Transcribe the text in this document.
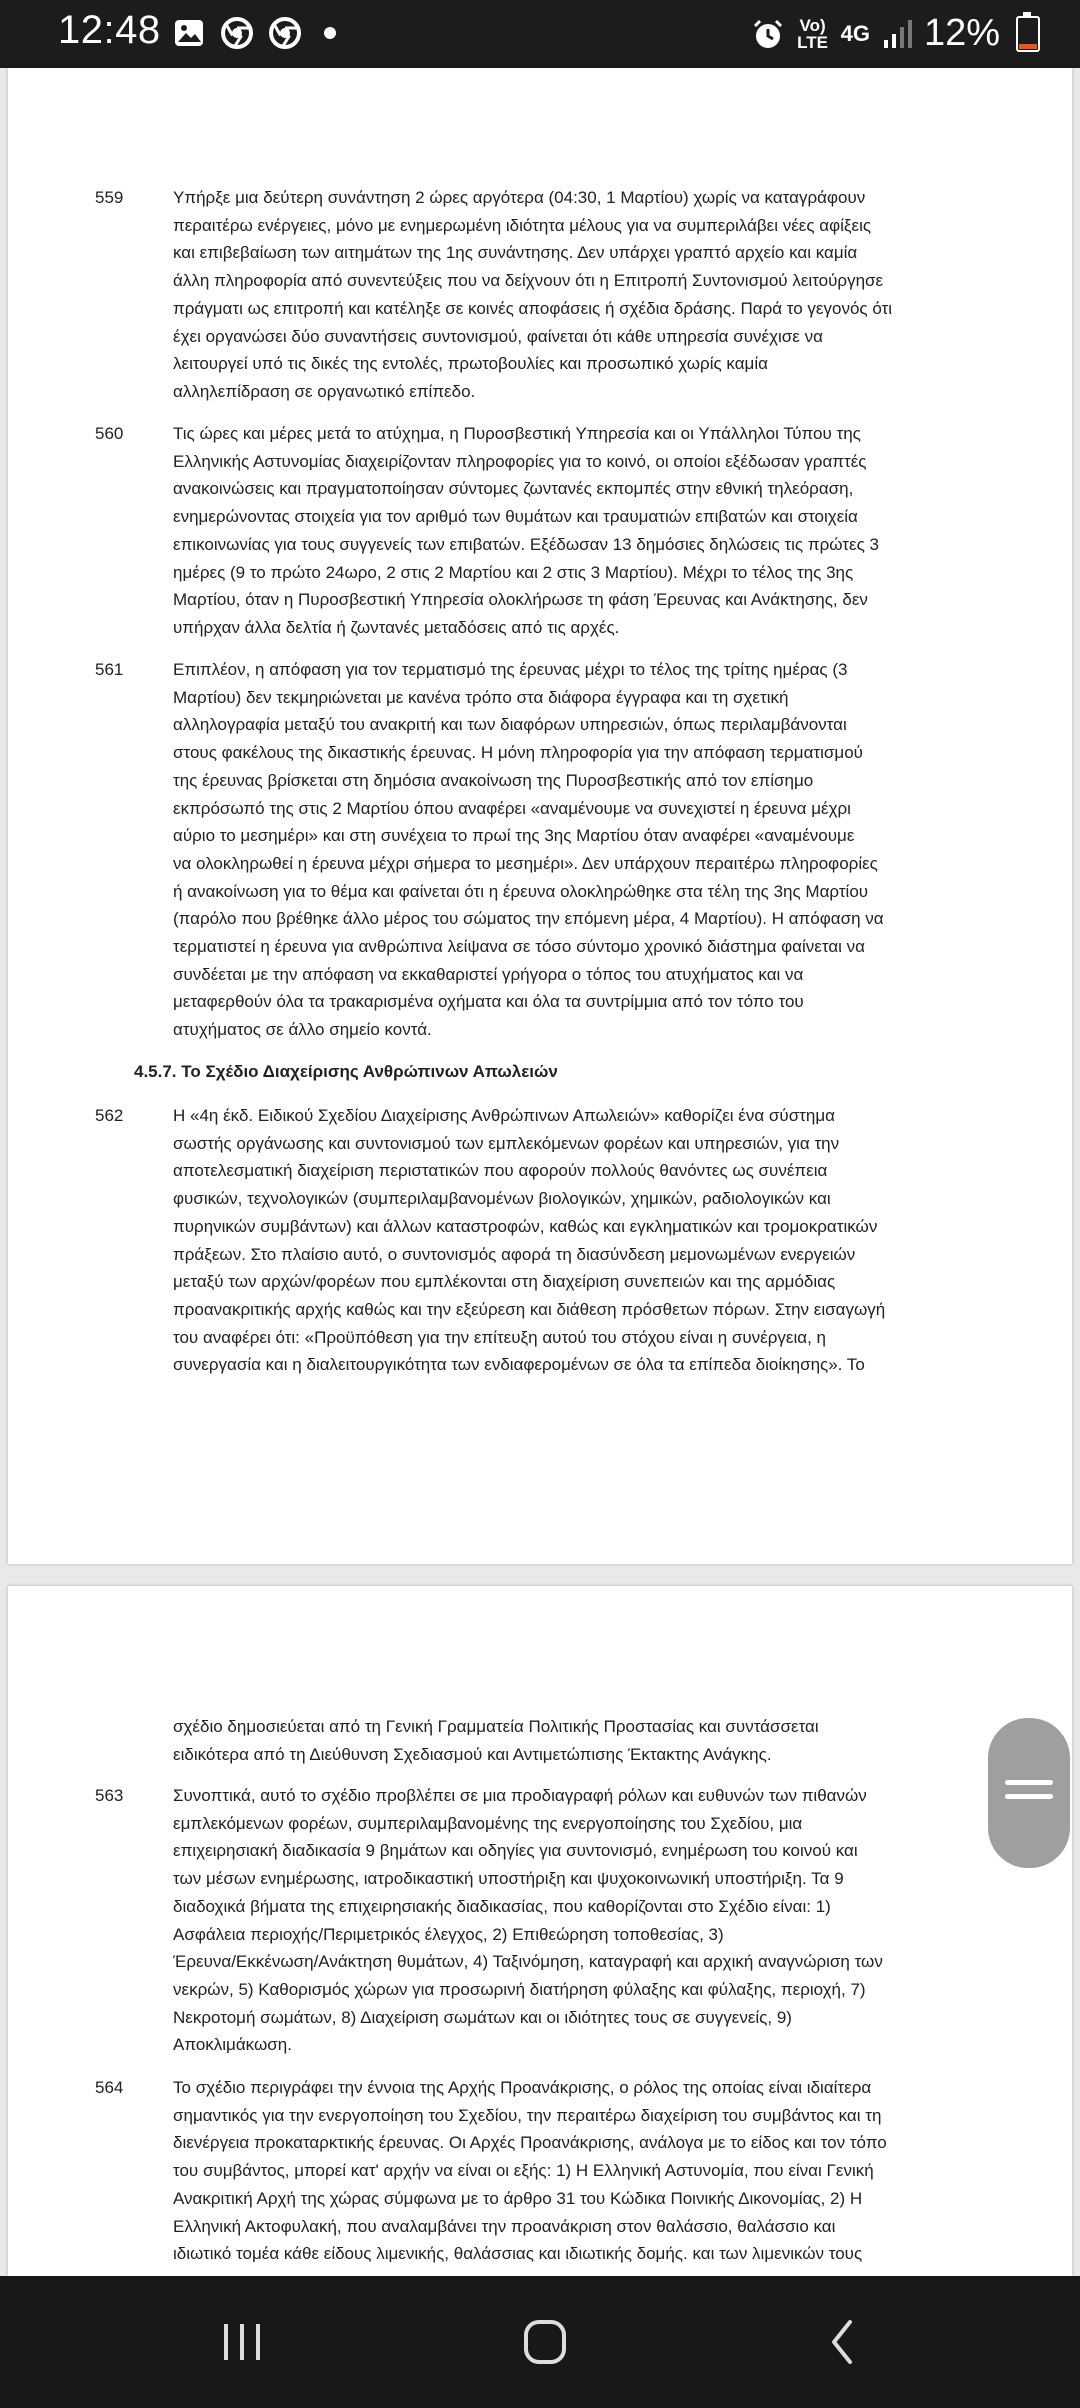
12:48	Vo) LTE 4G 12%
559	Υπήρξε μια δεύτερη συνάντηση 2 ώρες αργότερα (04:30, 1 Μαρτίου) χωρίς να καταγράφουν
περαιτέρω ενέργειες, μόνο με ενημερωμένη ιδιότητα μέλους για να συμπεριλάβει νέες αφίξεις
και επιβεβαίωση των αιτημάτων της 1ης συνάντησης. Δεν υπάρχει γραπτό αρχείο και καμία
άλλη πληροφορία από συνεντεύξεις που να δείχνουν ότι η Επιτροπή Συντονισμού λειτούργησε
πράγματι ως επιτροπή και κατέληξε σε κοινές αποφάσεις ή σχέδια δράσης. Παρά το γεγονός ότι
έχει οργανώσει δύο συναντήσεις συντονισμού, φαίνεται ότι κάθε υπηρεσία συνέχισε να
λειτουργεί υπό τις δικές της εντολές, πρωτοβουλίες και προσωπικό χωρίς καμία
αλληλεπίδραση σε οργανωτικό επίπεδο.
560	Τις ώρες και μέρες μετά το ατύχημα, η Πυροσβεστική Υπηρεσία και οι Υπάλληλοι Τύπου της
Ελληνικής Αστυνομίας διαχειρίζονταν πληροφορίες για το κοινό, οι οποίοι εξέδωσαν γραπτές
ανακοινώσεις και πραγματοποίησαν σύντομες ζωντανές εκπομπές στην εθνική τηλεόραση,
ενημερώνοντας στοιχεία για τον αριθμό των θυμάτων και τραυματιών επιβατών και στοιχεία
επικοινωνίας για τους συγγενείς των επιβατών. Εξέδωσαν 13 δημόσιες δηλώσεις τις πρώτες 3
ημέρες (9 το πρώτο 24ωρο, 2 στις 2 Μαρτίου και 2 στις 3 Μαρτίου). Μέχρι το τέλος της 3ης
Μαρτίου, όταν η Πυροσβεστική Υπηρεσία ολοκλήρωσε τη φάση Έρευνας και Ανάκτησης, δεν
υπήρχαν άλλα δελτία ή ζωντανές μεταδόσεις από τις αρχές.
561	Επιπλέον, η απόφαση για τον τερματισμό της έρευνας μέχρι το τέλος της τρίτης ημέρας (3
Μαρτίου) δεν τεκμηριώνεται με κανένα τρόπο στα διάφορα έγγραφα και τη σχετική
αλληλογραφία μεταξύ του ανακριτή και των διαφόρων υπηρεσιών, όπως περιλαμβάνονται
στους φακέλους της δικαστικής έρευνας. Η μόνη πληροφορία για την απόφαση τερματισμού
της έρευνας βρίσκεται στη δημόσια ανακοίνωση της Πυροσβεστικής από τον επίσημο
εκπρόσωπό της στις 2 Μαρτίου όπου αναφέρει «αναμένουμε να συνεχιστεί η έρευνα μέχρι
αύριο το μεσημέρι» και στη συνέχεια το πρωί της 3ης Μαρτίου όταν αναφέρει «αναμένουμε
να ολοκληρωθεί η έρευνα μέχρι σήμερα το μεσημέρι». Δεν υπάρχουν περαιτέρω πληροφορίες
ή ανακοίνωση για το θέμα και φαίνεται ότι η έρευνα ολοκληρώθηκε στα τέλη της 3ης Μαρτίου
(παρόλο που βρέθηκε άλλο μέρος του σώματος την επόμενη μέρα, 4 Μαρτίου). Η απόφαση να
τερματιστεί η έρευνα για ανθρώπινα λείψανα σε τόσο σύντομο χρονικό διάστημα φαίνεται να
συνδέεται με την απόφαση να εκκαθαριστεί γρήγορα ο τόπος του ατυχήματος και να
μεταφερθούν όλα τα τρακαρισμένα οχήματα και όλα τα συντρίμμια από τον τόπο του
ατυχήματος σε άλλο σημείο κοντά.
4.5.7. Το Σχέδιο Διαχείρισης Ανθρώπινων Απωλειών
562	Η «4η έκδ. Ειδικού Σχεδίου Διαχείρισης Ανθρώπινων Απωλειών» καθορίζει ένα σύστημα
σωστής οργάνωσης και συντονισμού των εμπλεκόμενων φορέων και υπηρεσιών, για την
αποτελεσματική διαχείριση περιστατικών που αφορούν πολλούς θανόντες ως συνέπεια
φυσικών, τεχνολογικών (συμπεριλαμβανομένων βιολογικών, χημικών, ραδιολογικών και
πυρηνικών συμβάντων) και άλλων καταστροφών, καθώς και εγκληματικών και τρομοκρατικών
πράξεων. Στο πλαίσιο αυτό, ο συντονισμός αφορά τη διασύνδεση μεμονωμένων ενεργειών
μεταξύ των αρχών/φορέων που εμπλέκονται στη διαχείριση συνεπειών και της αρμόδιας
προανακριτικής αρχής καθώς και την εξεύρεση και διάθεση πρόσθετων πόρων. Στην εισαγωγή
του αναφέρει ότι: «Προϋπόθεση για την επίτευξη αυτού του στόχου είναι η συνέργεια, η
συνεργασία και η διαλειτουργικότητα των ενδιαφερομένων σε όλα τα επίπεδα διοίκησης». Το
σχέδιο δημοσιεύεται από τη Γενική Γραμματεία Πολιτικής Προστασίας και συντάσσεται
ειδικότερα από τη Διεύθυνση Σχεδιασμού και Αντιμετώπισης Έκτακτης Ανάγκης.
563	Συνοπτικά, αυτό το σχέδιο προβλέπει σε μια προδιαγραφή ρόλων και ευθυνών των πιθανών
εμπλεκόμενων φορέων, συμπεριλαμβανομένης της ενεργοποίησης του Σχεδίου, μια
επιχειρησιακή διαδικασία 9 βημάτων και οδηγίες για συντονισμό, ενημέρωση του κοινού και
των μέσων ενημέρωσης, ιατροδικαστική υποστήριξη και ψυχοκοινωνική υποστήριξη. Τα 9
διαδοχικά βήματα της επιχειρησιακής διαδικασίας, που καθορίζονται στο Σχέδιο είναι: 1)
Ασφάλεια περιοχής/Περιμετρικός έλεγχος, 2) Επιθεώρηση τοποθεσίας, 3)
Έρευνα/Εκκένωση/Ανάκτηση θυμάτων, 4) Ταξινόμηση, καταγραφή και αρχική αναγνώριση των
νεκρών, 5) Καθορισμός χώρων για προσωρινή διατήρηση φύλαξης και φύλαξης, περιοχή, 7)
Νεκροτομή σωμάτων, 8) Διαχείριση σωμάτων και οι ιδιότητες τους σε συγγενείς, 9)
Αποκλιμάκωση.
564	Το σχέδιο περιγράφει την έννοια της Αρχής Προανάκρισης, ο ρόλος της οποίας είναι ιδιαίτερα
σημαντικός για την ενεργοποίηση του Σχεδίου, την περαιτέρω διαχείριση του συμβάντος και τη
διενέργεια προκαταρκτικής έρευνας. Οι Αρχές Προανάκρισης, ανάλογα με το είδος και τον τόπο
του συμβάντος, μπορεί κατ' αρχήν να είναι οι εξής: 1) Η Ελληνική Αστυνομία, που είναι Γενική
Ανακριτική Αρχή της χώρας σύμφωνα με το άρθρο 31 του Κώδικα Ποινικής Δικονομίας, 2) Η
Ελληνική Ακτοφυλακή, που αναλαμβάνει την προανάκριση στον θαλάσσιο, θαλάσσιο και
ιδιωτικό τομέα κάθε είδους λιμενικής, θαλάσσιας και ιδιωτικής δομής. και των λιμενικών τους
